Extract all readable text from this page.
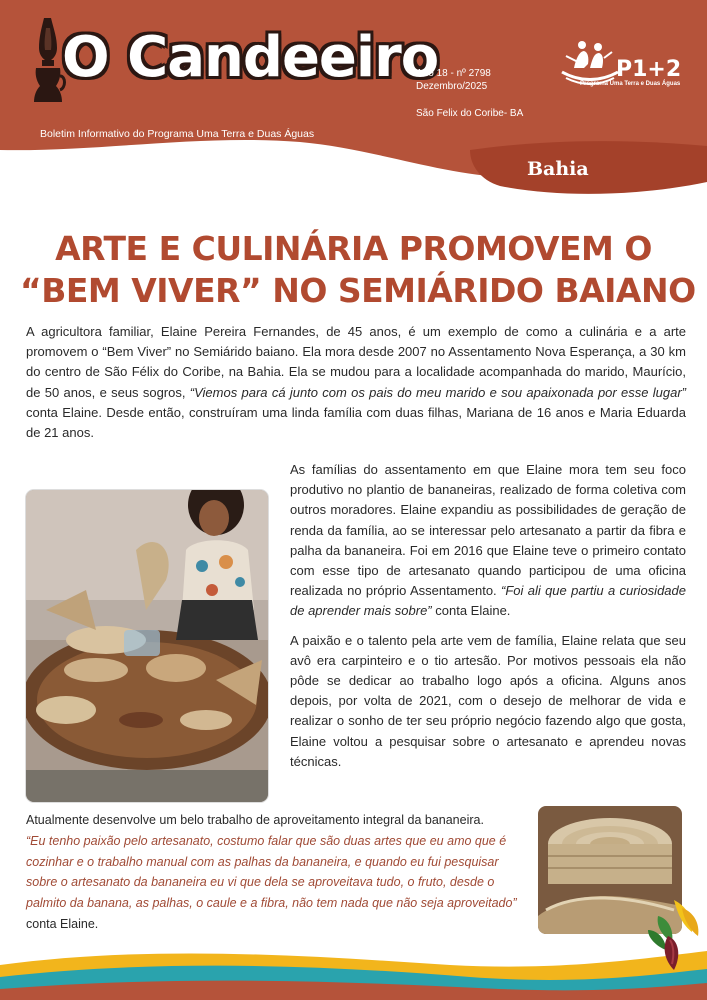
O Candeeiro
Boletim Informativo do Programa Uma Terra e Duas Águas
Ano 18 - nº 2798
Dezembro/2025
São Felix do Coribe- BA
P1+2
Programa Uma Terra e Duas Águas
Bahia
ARTE E CULINÁRIA PROMOVEM O
“BEM VIVER” NO SEMIÁRIDO BAIANO
A agricultora familiar, Elaine Pereira Fernandes, de 45 anos, é um exemplo de como a culinária e a arte promovem o “Bem Viver” no Semiárido baiano. Ela mora desde 2007 no Assentamento Nova Esperança, a 30 km do centro de São Félix do Coribe, na Bahia. Ela se mudou para a localidade acompanhada do marido, Maurício, de 50 anos, e seus sogros, “Viemos para cá junto com os pais do meu marido e sou apaixonada por esse lugar” conta Elaine. Desde então, construíram uma linda família com duas filhas, Mariana de 16 anos e Maria Eduarda de 21 anos.

As famílias do assentamento em que Elaine mora tem seu foco produtivo no plantio de bananeiras, realizado de forma coletiva com outros moradores. Elaine expandiu as possibilidades de geração de renda da família, ao se interessar pelo artesanato a partir da fibra e palha da bananeira. Foi em 2016 que Elaine teve o primeiro contato com esse tipo de artesanato quando participou de uma oficina realizada no próprio Assentamento. “Foi ali que partiu a curiosidade de aprender mais sobre” conta Elaine.

A paixão e o talento pela arte vem de família, Elaine relata que seu avô era carpinteiro e o tio artesão. Por motivos pessoais ela não pôde se dedicar ao trabalho logo após a oficina. Alguns anos depois, por volta de 2021, com o desejo de melhorar de vida e realizar o sonho de ter seu próprio negócio fazendo algo que gosta, Elaine voltou a pesquisar sobre o artesanato e aprendeu novas técnicas.

Atualmente desenvolve um belo trabalho de aproveitamento integral da bananeira.
“Eu tenho paixão pelo artesanato, costumo falar que são duas artes que eu amo que é cozinhar e o trabalho manual com as palhas da bananeira, e quando eu fui pesquisar sobre o artesanato da bananeira eu vi que dela se aproveitava tudo, o fruto, desde o palmito da banana, as palhas, o caule e a fibra, não tem nada que não seja aproveitado” conta Elaine.
